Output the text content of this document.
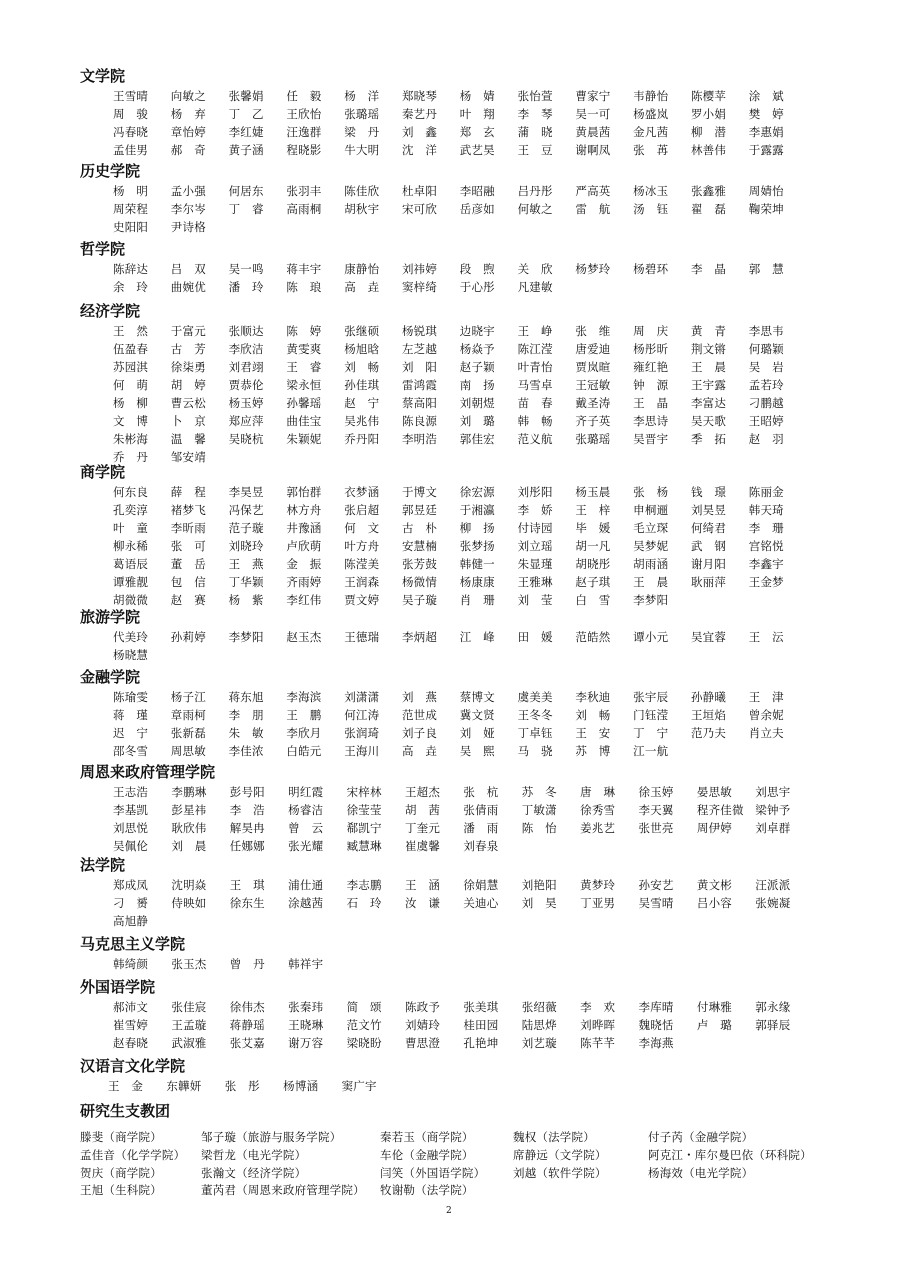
文学院
王雪晴	向敏之	张馨娟	任　毅	杨　洋	郑晓琴	杨　婧	张怡萱	曹家宁	韦静怡	陈樱苹	涂　斌
周　骏	杨　弃	丁　乙	王欣怡	张璐瑶	秦艺丹	叶　翔	李　琴	吴一可	杨盛岚	罗小娟	樊　婷
冯春晓	章怡婷	李红婕	汪逸群	梁　丹	刘　鑫	郑　玄	蒲　晓	黄晨茜	金凡茜	柳　潜	李惠娟
孟佳男	郝　奇	黄子涵	程晓影	牛大明	沈　洋	武艺昊	王　豆	谢啊凤	张　苒	林善伟	于露露
历史学院
杨　明	孟小强	何居东	张羽丰	陈佳欣	杜卓阳	李昭融	吕丹彤	严高英	杨冰玉	张鑫雅	周婧怡
周荣程	李尔岑	丁　睿	高雨桐	胡秋宇	宋可欣	岳彦如	何敏之	雷　航	汤　钰	翟　磊	鞠荣坤
史阳阳	尹诗格
哲学院
陈辞达	吕　双	吴一鸣	蒋丰宇	康静怡	刘祎婷	段　煦	关　欣	杨梦玲	杨碧环	李　晶	郭　慧
余　玲	曲婉优	潘　玲	陈　琅	高　垚	窦梓绮	于心彤	凡建敏
经济学院
王　然	于富元	张顺达	陈　婷	张继硕	杨锐琪	边晓宇	王　峥	张　维	周　庆	黄　青	李思韦
伍盈春	古　芳	李欣洁	黄雯爽	杨旭晗	左芝越	杨焱予	陈江滢	唐爱迪	杨彤昕	荆文锵	何璐颖
苏园淇	徐柒勇	刘君翊	王　睿	刘　畅	刘　阳	赵子颖	叶青怡	贾岚暄	雍红艳	王　晨	吴　岩
何　萌	胡　婷	贾恭伦	梁永恒	孙佳琪	雷鸿霞	南　扬	马雪卓	王冠敏	钟　源	王宇露	孟若玲
杨　柳	曹云松	杨玉婷	孙馨瑶	赵　宁	蔡高阳	刘朝煜	苗　春	戴圣涛	王　晶	李富达	刁鹏越
文　博	卜　京	郑应萍	曲佳宝	吴兆伟	陈良源	刘　璐	韩　畅	齐子英	李思诗	吴天歌	王昭婷
朱彬海	温　馨	吴晓杭	朱颖妮	乔丹阳	李明浩	郭佳宏	范义航	张璐瑶	吴晋宇	季　拓	赵　羽
乔　丹	邹安靖
商学院
何东良	薛　程	李昊昱	郭怡群	衣梦涵	于博文	徐宏源	刘彤阳	杨玉晨	张　杨	钱　璟	陈丽金
孔奕淳	褚梦飞	冯保艺	林方舟	张启超	郭昱廷	于湘瀛	李　娇	王　梓	申桐逦	刘昊昱	韩天琦
叶　童	李昕雨	范子璇	井豫涵	何　文	古　朴	柳　扬	付诗园	毕　媛	毛立琛	何绮君	李　珊
柳永稀	张　可	刘晓玲	卢欣萌	叶方舟	安慧楠	张梦扬	刘立瑶	胡一凡	吴梦妮	武　钢	宫铭悦
葛语辰	董　岳	王　燕	金　振	陈滢美	张芳鼓	韩健一	朱显瑾	胡晓彤	胡雨涵	谢月阳	李鑫宇
谭雅靓	包　信	丁华颖	齐雨婷	王润森	杨微情	杨康康	王雅琳	赵子琪	王　晨	耿丽萍	王金梦
胡微微	赵　赛	杨　紫	李红伟	贾文婷	吴子璇	肖　珊	刘　莹	白　雪	李梦阳
旅游学院
代美玲	孙莉婷	李梦阳	赵玉杰	王德瑞	李炳超	江　峰	田　媛	范皓然	谭小元	吴宜蓉	王　沄
杨晓慧
金融学院
陈瑜雯	杨子江	蒋东旭	李海滨	刘潇潇	刘　燕	蔡博文	虞美美	李秋迪	张宇辰	孙静曦	王　津
蒋　瑾	章雨柯	李　朋	王　鹏	何江涛	范世成	冀文贤	王冬冬	刘　畅	门钰滢	王垣焰	曾余妮
迟　宁	张新磊	朱　敏	李欣月	张润琦	刘子良	刘　娅	丁卓钰	王　安	丁　宁	范乃夫	肖立夫
邵冬雪	周思敏	李佳浓	白皓元	王海川	高　垚	吴　熙	马　骁	苏　博	江一航
周恩来政府管理学院
王志浩	李鹏琳	彭号阳	明红霞	宋梓林	王超杰	张　杭	苏　冬	唐　琳	徐玉婷	晏思敏	刘思宇
李基凯	彭星祎	李　浩	杨睿洁	徐莹莹	胡　茜	张倩雨	丁敏潇	徐秀雪	李天翼	程齐佳微	梁钟予
刘思悦	耿欣伟	解昊冉	曾　云	郗凯宁	丁奎元	潘　雨	陈　怡	姜兆艺	张世亮	周伊婷	刘卓群
吴佩伦	刘　晨	任娜娜	张光耀	臧慧琳	崔虞馨	刘春泉
法学院
郑成凤	沈明焱	王　琪	浦仕通	李志鹏	王　涵	徐娟慧	刘艳阳	黄梦玲	孙安艺	黄文彬	汪派派
刁　赟	侍映如	徐东生	涂越茜	石　玲	汝　谦	关迪心	刘　昊	丁亚男	吴雪晴	吕小容	张婉凝
高旭静
马克思主义学院
韩绮颜	张玉杰	曾　丹	韩祥宇
外国语学院
郝沛文	张佳宸	徐伟杰	张秦玮	简　颂	陈政予	张美琪	张绍薇	李　欢	李库晴	付琳雅	郭永缘
崔雪婷	王孟璇	蒋静瑶	王晓琳	范文竹	刘婧玲	桂田园	陆思烨	刘晔晖	魏晓恬	卢　璐	郭驿辰
赵春晓	武淑雅	张艾嘉	谢万容	梁晓盼	曹思澄	孔艳坤	刘艺璇	陈芊芊	李海燕
汉语言文化学院
王　金	东韡妍	张　彤	杨博涵	窦广宇
研究生支教团
滕斐（商学院）	邹子璇（旅游与服务学院）	秦若玉（商学院）	魏权（法学院）	付子芮（金融学院）
孟佳音（化学学院）	梁哲龙（电光学院）	车伦（金融学院）	席静远（文学院）	阿克江・库尔曼巴依（环科院）
贺庆（商学院）	张瀚文（经济学院）	闫笑（外国语学院）	刘越（软件学院）	杨海效（电光学院）
王旭（生科院）	董芮君（周恩来政府管理学院）	牧谢勒（法学院）
2
